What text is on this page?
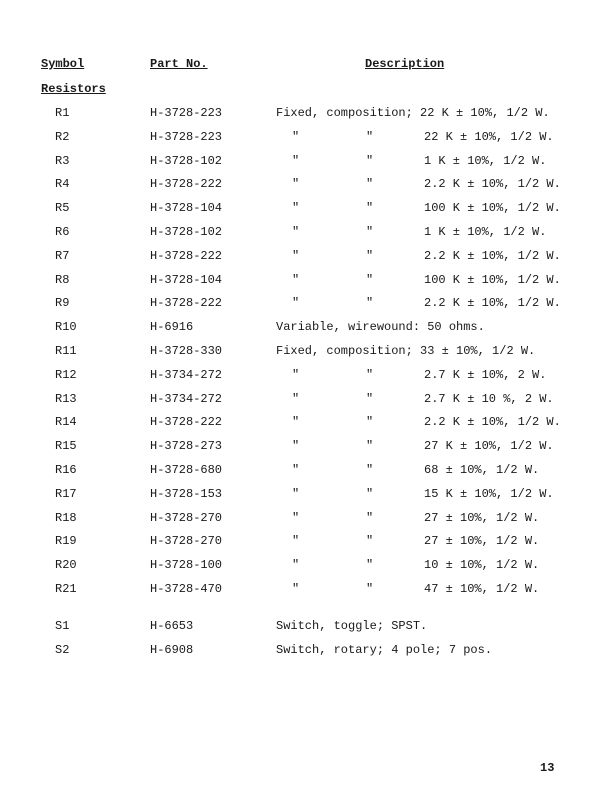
Symbol	Part No.	Description
Resistors
R1	H-3728-223	Fixed, composition; 22 K ± 10%, 1/2 W.
R2	H-3728-223	"	"	22 K ± 10%, 1/2 W.
R3	H-3728-102	"	"	1 K ± 10%, 1/2 W.
R4	H-3728-222	"	"	2.2 K ± 10%, 1/2 W.
R5	H-3728-104	"	"	100 K ± 10%, 1/2 W.
R6	H-3728-102	"	"	1 K ± 10%, 1/2 W.
R7	H-3728-222	"	"	2.2 K ± 10%, 1/2 W.
R8	H-3728-104	"	"	100 K ± 10%, 1/2 W.
R9	H-3728-222	"	"	2.2 K ± 10%, 1/2 W.
R10	H-6916	Variable, wirewound: 50 ohms.
R11	H-3728-330	Fixed, composition; 33 ± 10%, 1/2 W.
R12	H-3734-272	"	"	2.7 K ± 10%, 2 W.
R13	H-3734-272	"	"	2.7 K ± 10 %, 2 W.
R14	H-3728-222	"	"	2.2 K ± 10%, 1/2 W.
R15	H-3728-273	"	"	27 K ± 10%, 1/2 W.
R16	H-3728-680	"	"	68 ± 10%, 1/2 W.
R17	H-3728-153	"	"	15 K ± 10%, 1/2 W.
R18	H-3728-270	"	"	27 ± 10%, 1/2 W.
R19	H-3728-270	"	"	27 ± 10%, 1/2 W.
R20	H-3728-100	"	"	10 ± 10%, 1/2 W.
R21	H-3728-470	"	"	47 ± 10%, 1/2 W.
S1	H-6653	Switch, toggle; SPST.
S2	H-6908	Switch, rotary; 4 pole; 7 pos.
13
